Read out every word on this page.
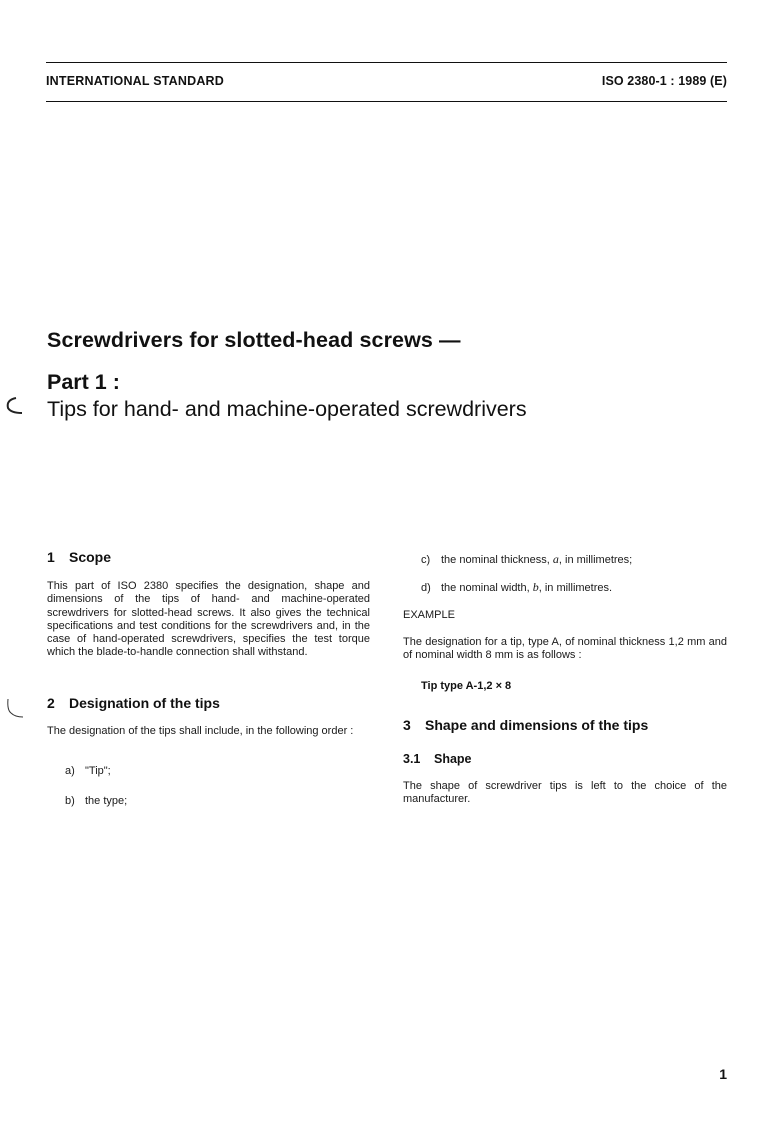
INTERNATIONAL STANDARD	ISO 2380-1 : 1989 (E)
Screwdrivers for slotted-head screws —
Part 1 :
Tips for hand- and machine-operated screwdrivers
1 Scope
This part of ISO 2380 specifies the designation, shape and dimensions of the tips of hand- and machine-operated screwdrivers for slotted-head screws. It also gives the technical specifications and test conditions for the screwdrivers and, in the case of hand-operated screwdrivers, specifies the test torque which the blade-to-handle connection shall withstand.
2 Designation of the tips
The designation of the tips shall include, in the following order :
a) "Tip";
b) the type;
c) the nominal thickness, a, in millimetres;
d) the nominal width, b, in millimetres.
EXAMPLE
The designation for a tip, type A, of nominal thickness 1,2 mm and of nominal width 8 mm is as follows :
Tip type A-1,2 × 8
3 Shape and dimensions of the tips
3.1 Shape
The shape of screwdriver tips is left to the choice of the manufacturer.
1
